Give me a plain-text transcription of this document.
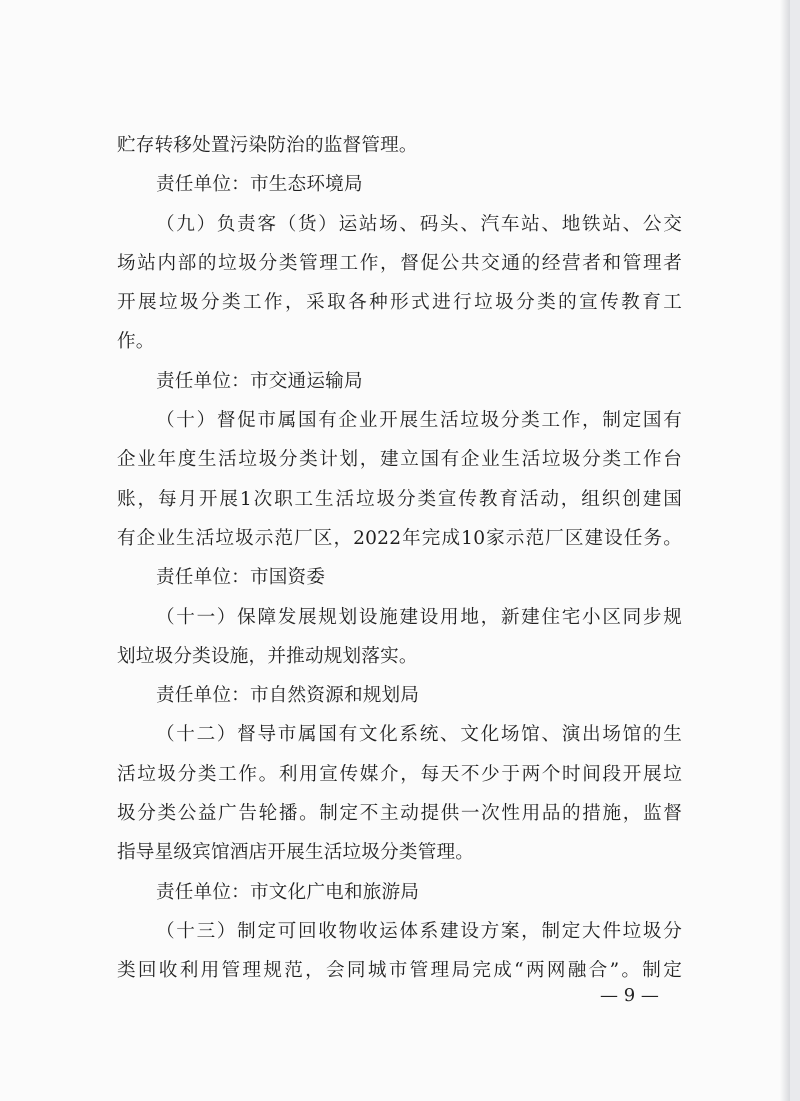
贮存转移处置污染防治的监督管理。
责任单位：市生态环境局
（九）负责客（货）运站场、码头、汽车站、地铁站、公交
场站内部的垃圾分类管理工作，督促公共交通的经营者和管理者
开展垃圾分类工作，采取各种形式进行垃圾分类的宣传教育工
作。
责任单位：市交通运输局
（十）督促市属国有企业开展生活垃圾分类工作，制定国有
企业年度生活垃圾分类计划，建立国有企业生活垃圾分类工作台
账，每月开展1次职工生活垃圾分类宣传教育活动，组织创建国
有企业生活垃圾示范厂区，2022年完成10家示范厂区建设任务。
责任单位：市国资委
（十一）保障发展规划设施建设用地，新建住宅小区同步规
划垃圾分类设施，并推动规划落实。
责任单位：市自然资源和规划局
（十二）督导市属国有文化系统、文化场馆、演出场馆的生
活垃圾分类工作。利用宣传媒介，每天不少于两个时间段开展垃
圾分类公益广告轮播。制定不主动提供一次性用品的措施，监督
指导星级宾馆酒店开展生活垃圾分类管理。
责任单位：市文化广电和旅游局
（十三）制定可回收物收运体系建设方案，制定大件垃圾分
类回收利用管理规范，会同城市管理局完成“两网融合”。制定
— 9 —
